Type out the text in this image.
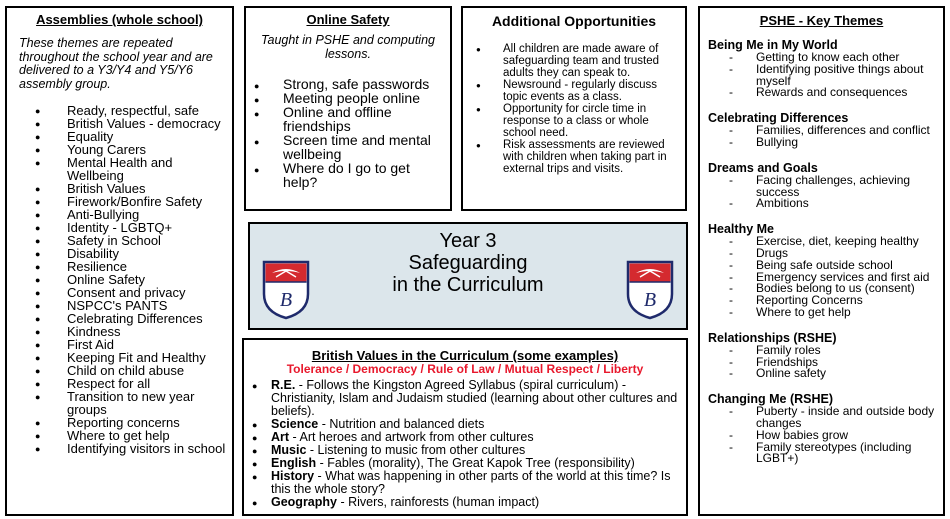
Assemblies (whole school)
These themes are repeated throughout the school year and are delivered to a Y3/Y4 and Y5/Y6 assembly group.
● Ready, respectful, safe
● British Values - democracy
● Equality
● Young Carers
● Mental Health and Wellbeing
● British Values
● Firework/Bonfire Safety
● Anti-Bullying
● Identity - LGBTQ+
● Safety in School
● Disability
● Resilience
● Online Safety
● Consent and privacy
● NSPCC's PANTS
● Celebrating Differences
● Kindness
● First Aid
● Keeping Fit and Healthy
● Child on child abuse
● Respect for all
● Transition to new year groups
● Reporting concerns
● Where to get help
● Identifying visitors in school
Online Safety
Taught in PSHE and computing lessons.
● Strong, safe passwords
● Meeting people online
● Online and offline friendships
● Screen time and mental wellbeing
● Where do I go to get help?
Additional Opportunities
● All children are made aware of safeguarding team and trusted adults they can speak to.
● Newsround - regularly discuss topic events as a class.
● Opportunity for circle time in response to a class or whole school need.
● Risk assessments are reviewed with children when taking part in external trips and visits.
Year 3
Safeguarding
in the Curriculum
B	B
British Values in the Curriculum (some examples)
Tolerance / Democracy / Rule of Law / Mutual Respect / Liberty
● R.E. - Follows the Kingston Agreed Syllabus (spiral curriculum) - Christianity, Islam and Judaism studied (learning about other cultures and beliefs).
● Science - Nutrition and balanced diets
● Art - Art heroes and artwork from other cultures
● Music - Listening to music from other cultures
● English - Fables (morality), The Great Kapok Tree (responsibility)
● History - What was happening in other parts of the world at this time? Is this the whole story?
● Geography - Rivers, rainforests (human impact)
PSHE - Key Themes
Being Me in My World
- Getting to know each other
- Identifying positive things about myself
- Rewards and consequences
Celebrating Differences
- Families, differences and conflict
- Bullying
Dreams and Goals
- Facing challenges, achieving success
- Ambitions
Healthy Me
- Exercise, diet, keeping healthy
- Drugs
- Being safe outside school
- Emergency services and first aid
- Bodies belong to us (consent)
- Reporting Concerns
- Where to get help
Relationships (RSHE)
- Family roles
- Friendships
- Online safety
Changing Me (RSHE)
- Puberty - inside and outside body changes
- How babies grow
- Family stereotypes (including LGBT+)
